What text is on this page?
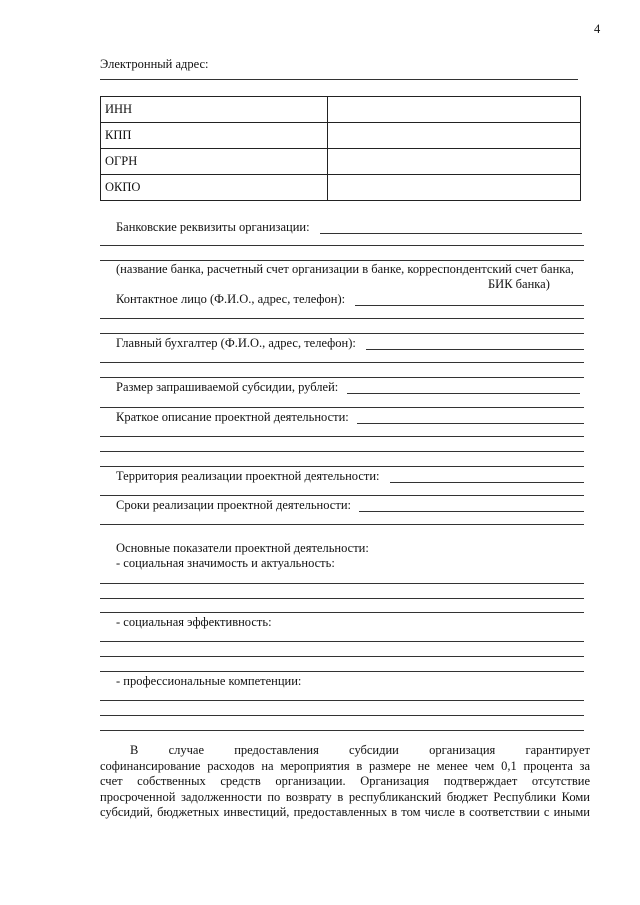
4
Электронный адрес:
ИНН	
КПП	
ОГРН	
ОКПО	
Банковские реквизиты организации:
(название банка, расчетный счет организации в банке, корреспондентский счет банка,
БИК банка)
Контактное лицо (Ф.И.О., адрес, телефон):
Главный бухгалтер (Ф.И.О., адрес, телефон):
Размер запрашиваемой субсидии, рублей:
Краткое описание проектной деятельности:
Территория реализации проектной деятельности:
Сроки реализации проектной деятельности:
Основные показатели проектной деятельности:
- социальная значимость и актуальность:
- социальная эффективность:
- профессиональные компетенции:
В случае предоставления субсидии организация гарантирует
софинансирование расходов на мероприятия в размере не менее чем 0,1 процента за
счет собственных средств организации. Организация подтверждает отсутствие
просроченной задолженности по возврату в республиканский бюджет Республики Коми
субсидий, бюджетных инвестиций, предоставленных в том числе в соответствии с иными
